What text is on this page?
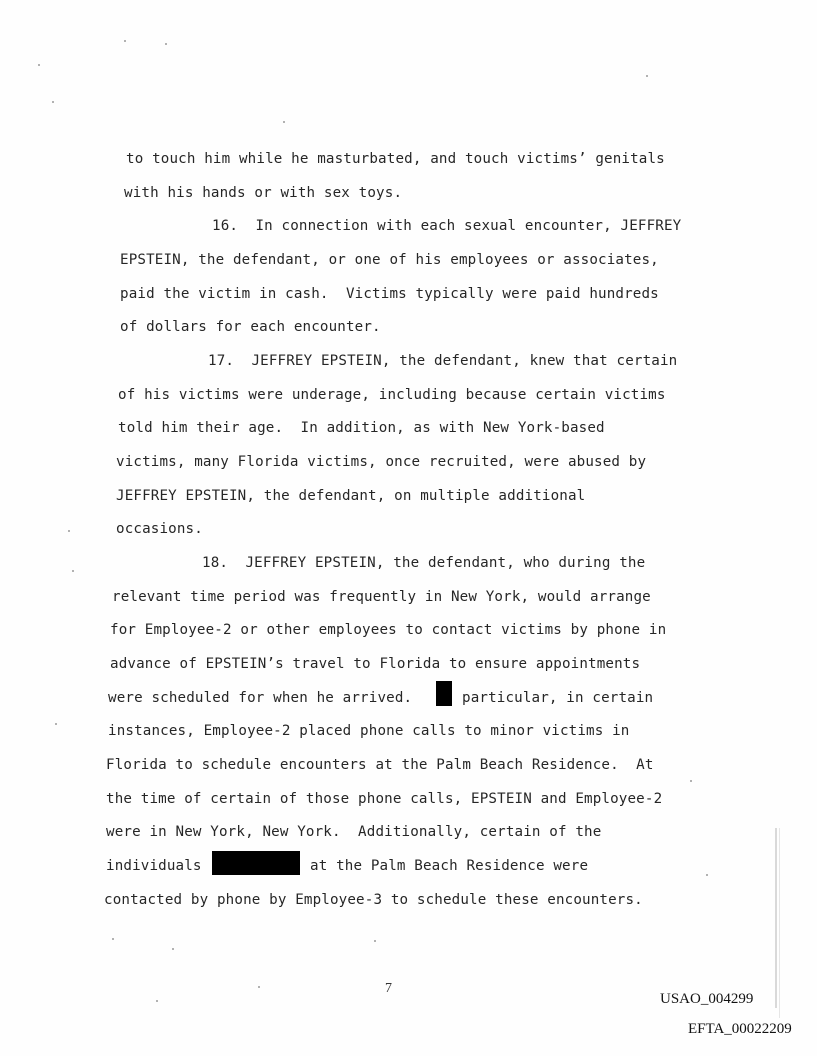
to touch him while he masturbated, and touch victims’ genitals
with his hands or with sex toys.
16.  In connection with each sexual encounter, JEFFREY
EPSTEIN, the defendant, or one of his employees or associates,
paid the victim in cash.  Victims typically were paid hundreds
of dollars for each encounter.
17.  JEFFREY EPSTEIN, the defendant, knew that certain
of his victims were underage, including because certain victims
told him their age.  In addition, as with New York-based
victims, many Florida victims, once recruited, were abused by
JEFFREY EPSTEIN, the defendant, on multiple additional
occasions.
18.  JEFFREY EPSTEIN, the defendant, who during the
relevant time period was frequently in New York, would arrange
for Employee-2 or other employees to contact victims by phone in
advance of EPSTEIN’s travel to Florida to ensure appointments
were scheduled for when he arrived.	particular, in certain
instances, Employee-2 placed phone calls to minor victims in
Florida to schedule encounters at the Palm Beach Residence.  At
the time of certain of those phone calls, EPSTEIN and Employee-2
were in New York, New York.  Additionally, certain of the
individuals	at the Palm Beach Residence were
contacted by phone by Employee-3 to schedule these encounters.
7
USAO_004299
EFTA_00022209
